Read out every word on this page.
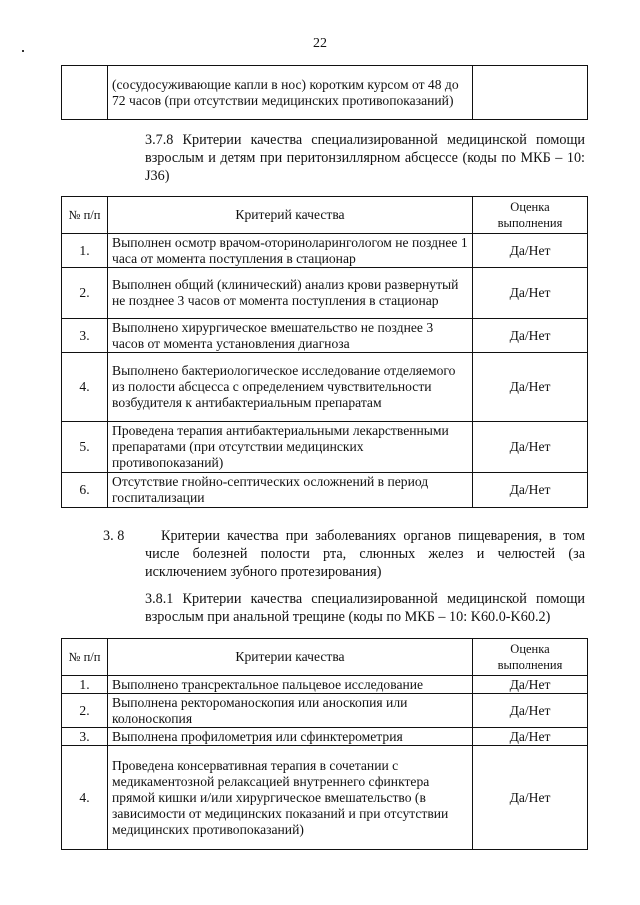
22
	(сосудосуживающие капли в нос) коротким курсом от 48 до 72 часов (при отсутствии медицинских противопоказаний)	
3.7.8 Критерии качества специализированной медицинской помощи взрослым и детям при перитонзиллярном абсцессе (коды по МКБ – 10: J36)
№ п/п	Критерий качества	Оценка выполнения
1.	Выполнен осмотр врачом-оториноларингологом не позднее 1 часа от момента поступления в стационар	Да/Нет
2.	Выполнен общий (клинический) анализ крови развернутый не позднее 3 часов от момента поступления в стационар	Да/Нет
3.	Выполнено хирургическое вмешательство не позднее 3 часов от момента установления диагноза	Да/Нет
4.	Выполнено бактериологическое исследование отделяемого из полости абсцесса с определением чувствительности возбудителя к антибактериальным препаратам	Да/Нет
5.	Проведена терапия антибактериальными лекарственными препаратами (при отсутствии медицинских противопоказаний)	Да/Нет
6.	Отсутствие гнойно-септических осложнений в период госпитализации	Да/Нет
3. 8	Критерии качества при заболеваниях органов пищеварения, в том числе болезней полости рта, слюнных желез и челюстей (за исключением зубного протезирования)
3.8.1 Критерии качества специализированной медицинской помощи взрослым при анальной трещине (коды по МКБ – 10: K60.0-K60.2)
№ п/п	Критерии качества	Оценка выполнения
1.	Выполнено трансректальное пальцевое исследование	Да/Нет
2.	Выполнена ректороманоскопия или аноскопия или колоноскопия	Да/Нет
3.	Выполнена профилометрия или сфинктерометрия	Да/Нет
4.	Проведена консервативная терапия в сочетании с медикаментозной релаксацией внутреннего сфинктера прямой кишки и/или хирургическое вмешательство (в зависимости от медицинских показаний и при отсутствии медицинских противопоказаний)	Да/Нет
